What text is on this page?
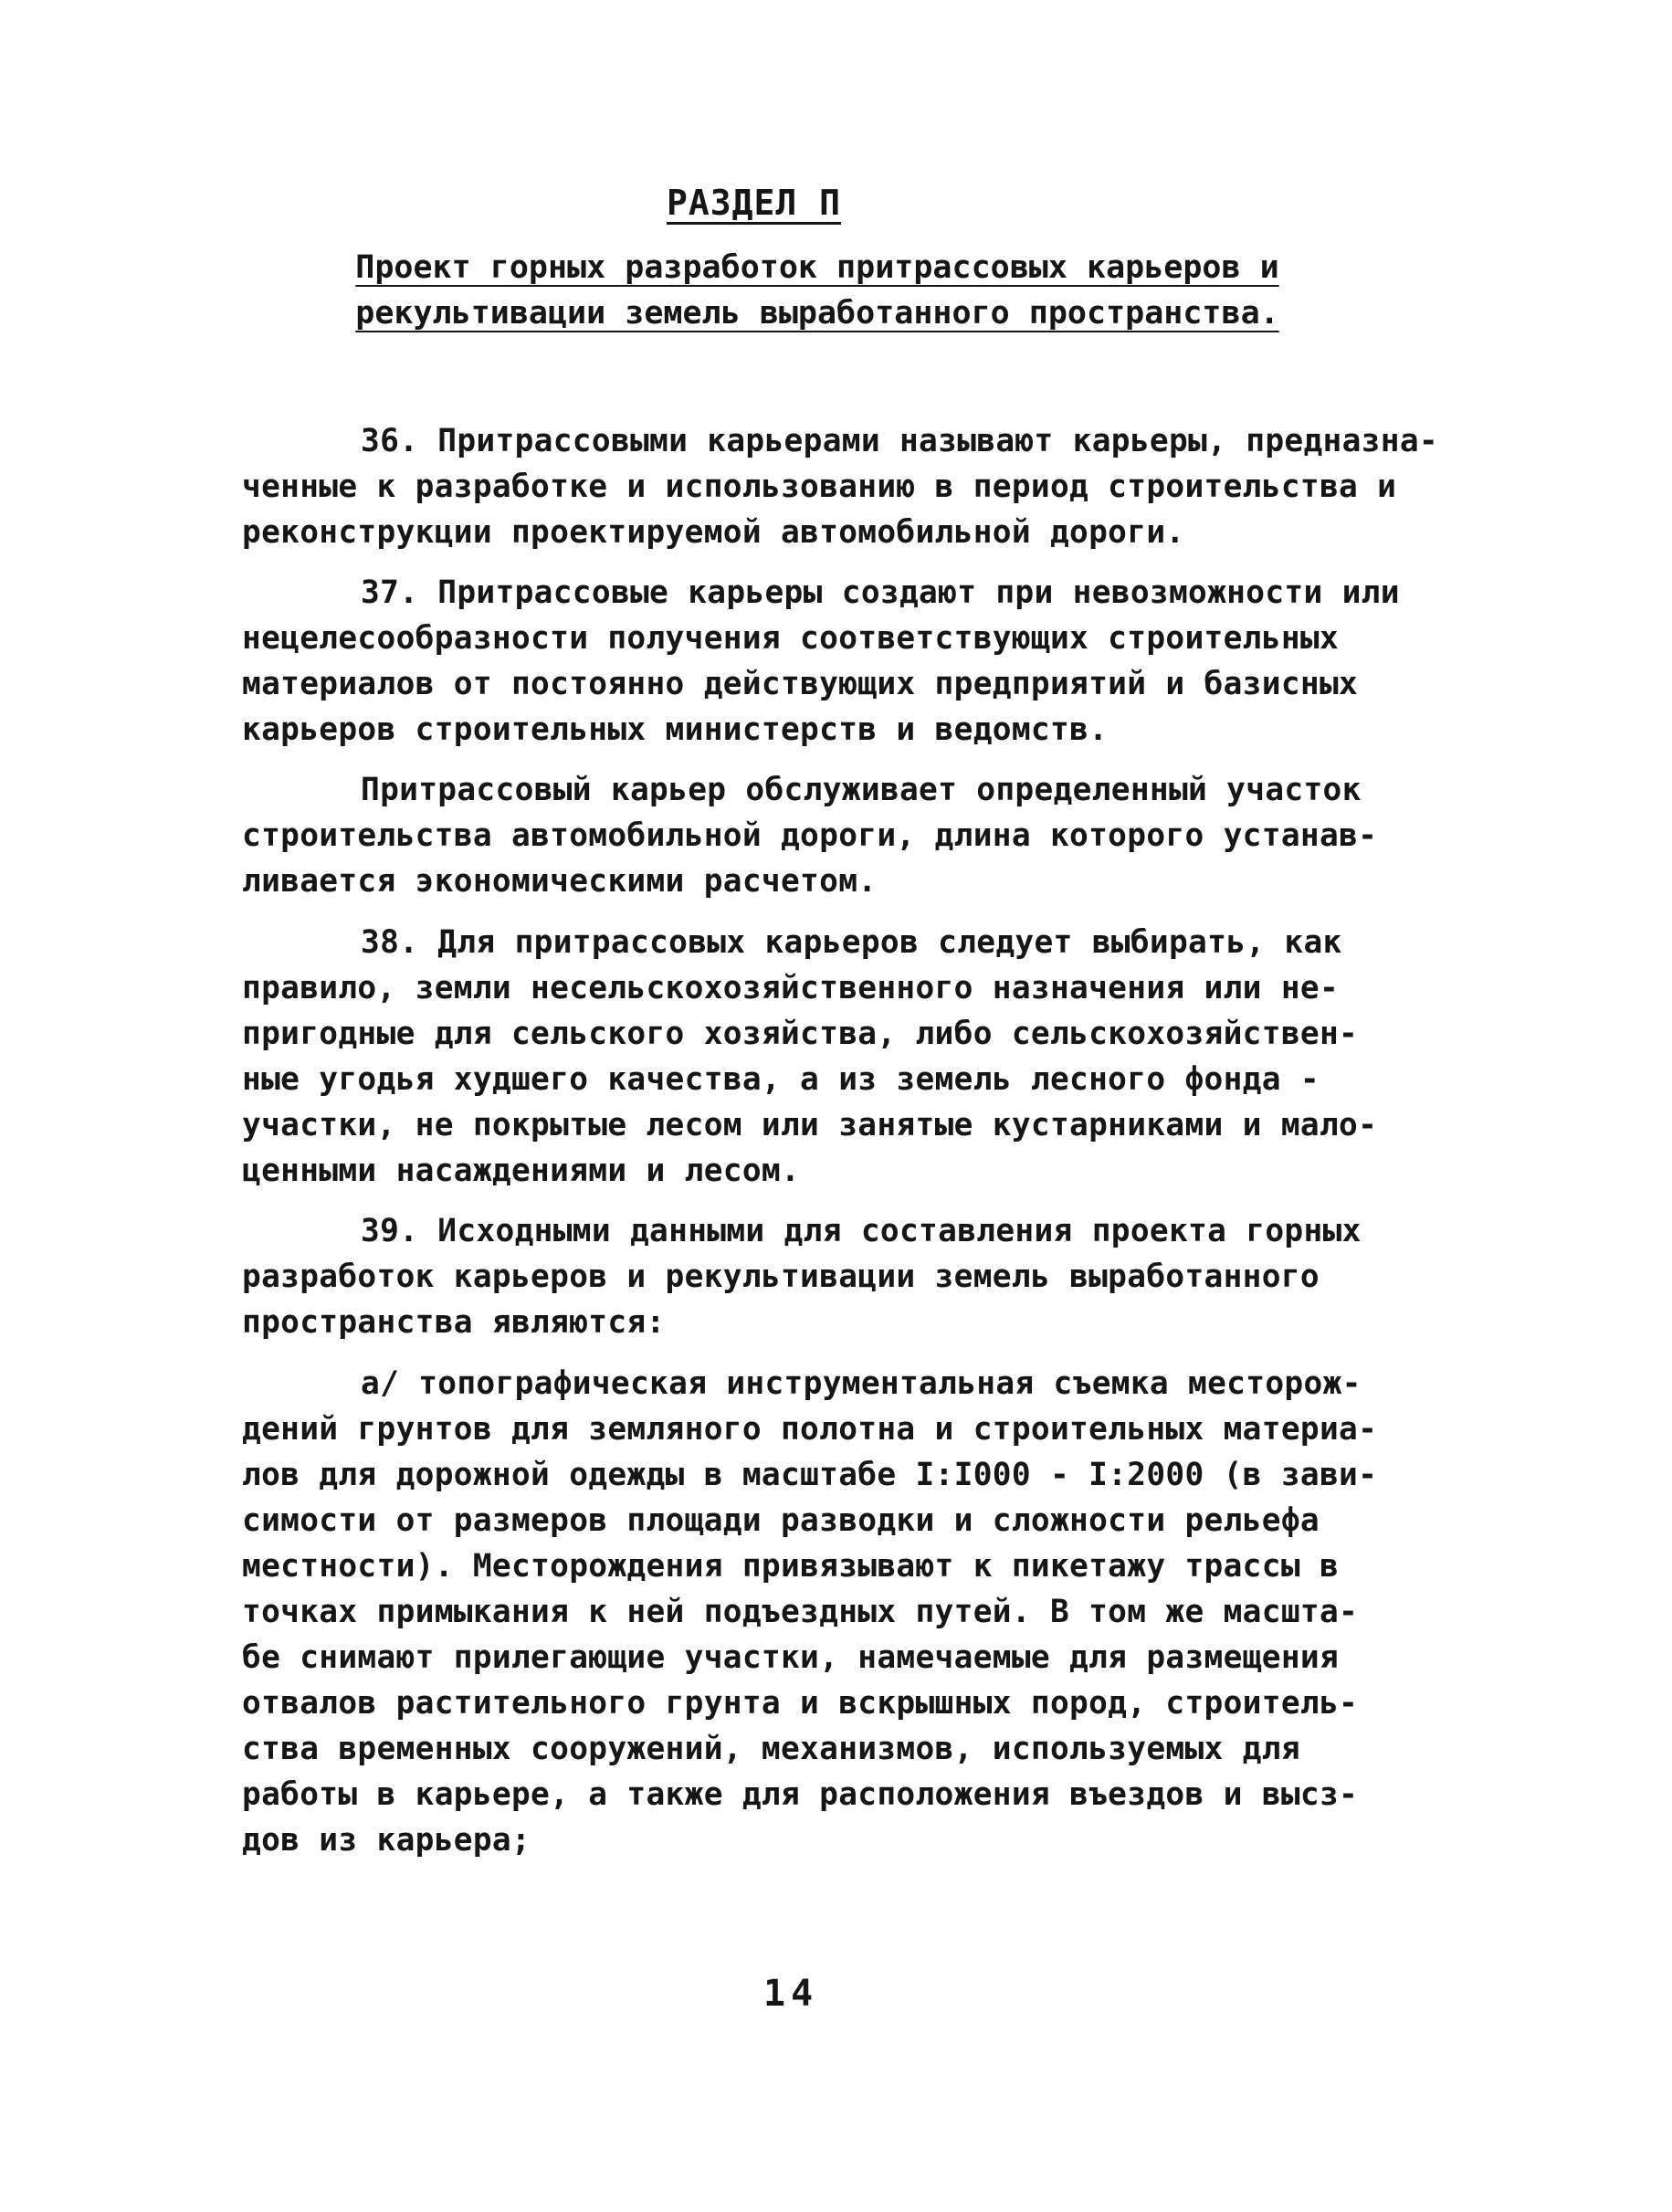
РАЗДЕЛ П
Проект горных разработок притрассовых карьеров и
рекультивации земель выработанного пространства.
36. Притрассовыми карьерами называют карьеры, предназна-
ченные к разработке и использованию в период строительства и
реконструкции проектируемой автомобильной дороги.
37. Притрассовые карьеры создают при невозможности или
нецелесообразности получения соответствующих строительных
материалов от постоянно действующих предприятий и базисных
карьеров строительных министерств и ведомств.
Притрассовый карьер обслуживает определенный участок
строительства автомобильной дороги, длина которого устанав-
ливается экономическими расчетом.
38. Для притрассовых карьеров следует выбирать, как
правило, земли несельскохозяйственного назначения или не-
пригодные для сельского хозяйства, либо сельскохозяйствен-
ные угодья худшего качества, а из земель лесного фонда -
участки, не покрытые лесом или занятые кустарниками и мало-
ценными насаждениями и лесом.
39. Исходными данными для составления проекта горных
разработок карьеров и рекультивации земель выработанного
пространства являются:
а/ топографическая инструментальная съемка месторож-
дений грунтов для земляного полотна и строительных материа-
лов для дорожной одежды в масштабе I:I000 - I:2000 (в зави-
симости от размеров площади разводки и сложности рельефа
местности). Месторождения привязывают к пикетажу трассы в
точках примыкания к ней подъездных путей. В том же масшта-
бе снимают прилегающие участки, намечаемые для размещения
отвалов растительного грунта и вскрышных пород, строитель-
ства временных сооружений, механизмов, используемых для
работы в карьере, а также для расположения въездов и высз-
дов из карьера;
14
